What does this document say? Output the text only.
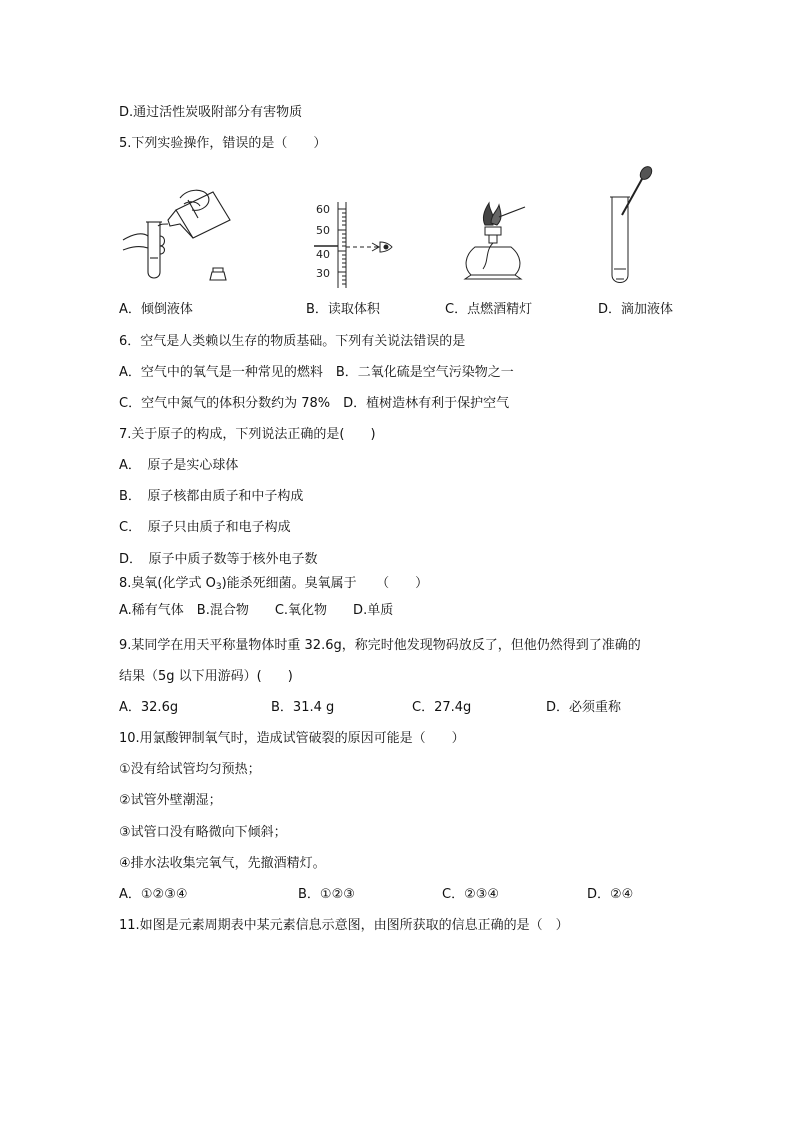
D.通过活性炭吸附部分有害物质
5.下列实验操作，错误的是（　　）
60
50
40
30
A．倾倒液体	B．读取体积	C．点燃酒精灯	D．滴加液体
6．空气是人类赖以生存的物质基础。下列有关说法错误的是
A．空气中的氧气是一种常见的燃料　B．二氧化硫是空气污染物之一
C．空气中氮气的体积分数约为 78%　D．植树造林有利于保护空气
7.关于原子的构成，下列说法正确的是(　　)
A．　原子是实心球体
B．　原子核都由质子和中子构成
C．　原子只由质子和电子构成
D．　原子中质子数等于核外电子数
8.臭氧(化学式 $O_3$)能杀死细菌。臭氧属于　　（　　）
A.稀有气体　B.混合物　　C.氧化物　　D.单质
9.某同学在用天平称量物体时重 32.6g，称完时他发现物码放反了，但他仍然得到了准确的
结果（5g 以下用游码）(　　)
A．32.6g	B．31.4 g	C．27.4g	D．必须重称
10.用氯酸钾制氧气时，造成试管破裂的原因可能是（　　）
①没有给试管均匀预热；
②试管外壁潮湿；
③试管口没有略微向下倾斜；
④排水法收集完氧气，先撤酒精灯。
A．①②③④	B．①②③	C．②③④	D．②④
11.如图是元素周期表中某元素信息示意图，由图所获取的信息正确的是（　）
